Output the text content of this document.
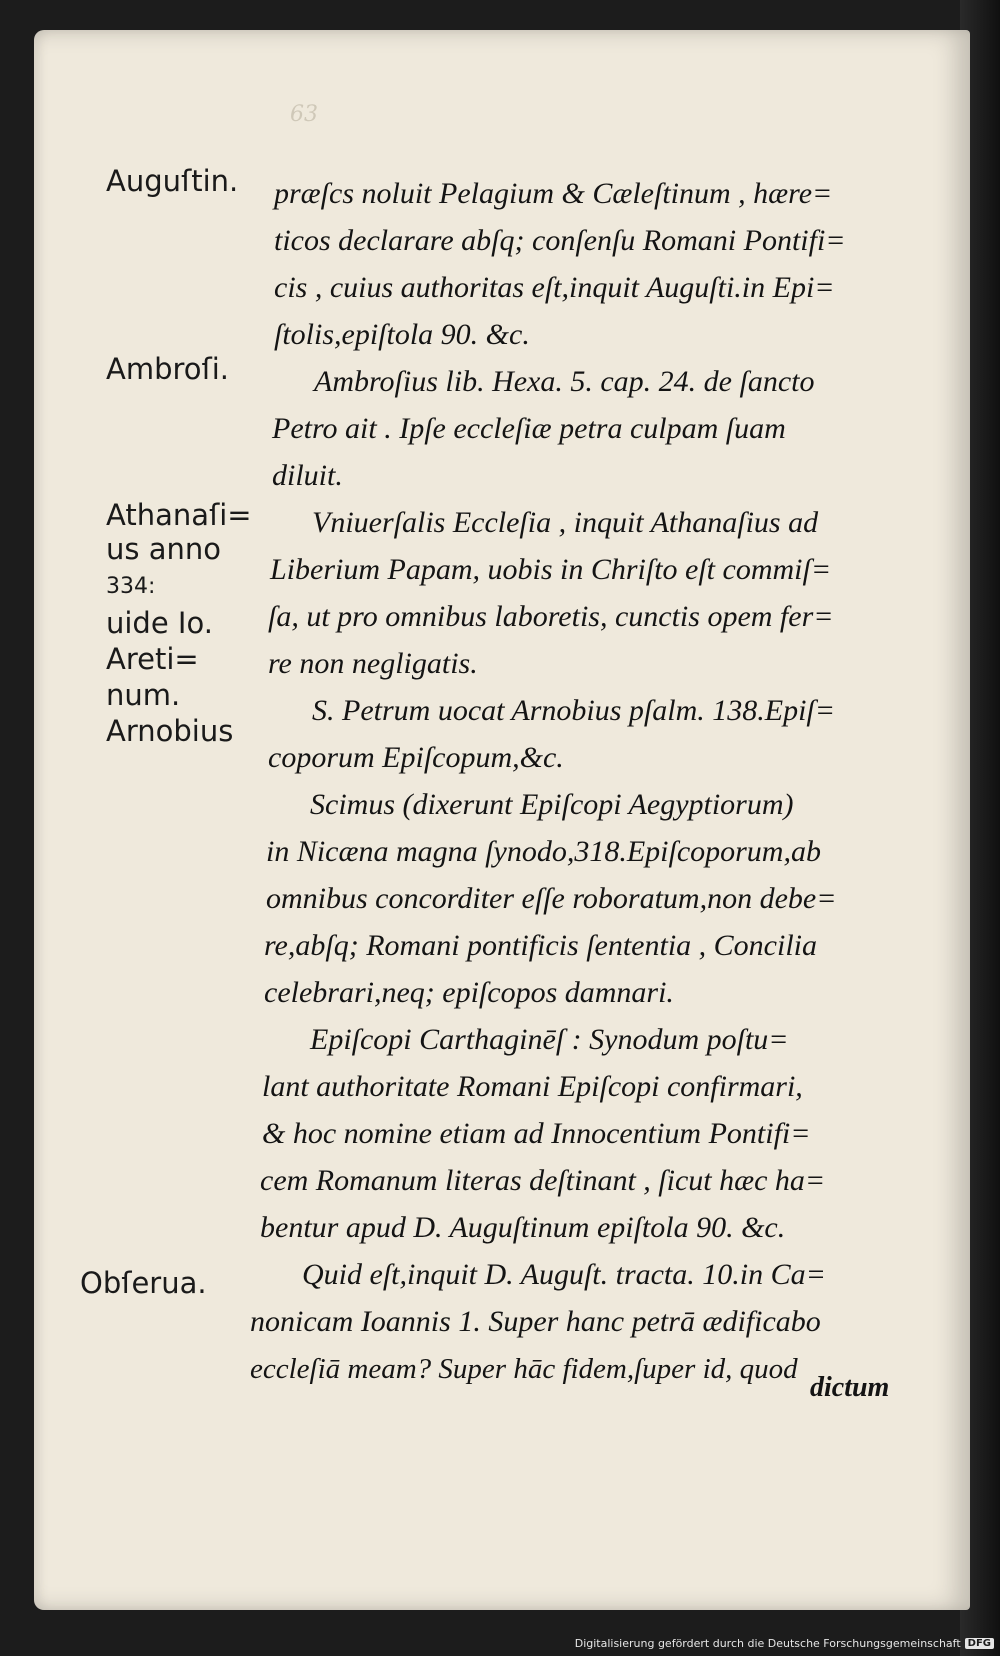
63
Auguſtin.
Ambroſi.
Athanaſi=
us anno
334:
uide Io.
Areti=
num.
Arnobius
Obſerua.
præſcs noluit Pelagium & Cæleſtinum , hære=
ticos declarare abſq; conſenſu Romani Pontifi=
cis , cuius authoritas eſt,inquit Auguſti.in Epi=
ſtolis,epiſtola 90. &c.
Ambroſius lib. Hexa. 5. cap. 24. de ſancto
Petro ait . Ipſe eccleſiæ petra culpam ſuam
diluit.
Vniuerſalis Eccleſia , inquit Athanaſius ad
Liberium Papam, uobis in Chriſto eſt commiſ=
ſa, ut pro omnibus laboretis, cunctis opem fer=
re non negligatis.
S. Petrum uocat Arnobius pſalm. 138.Epiſ=
coporum Epiſcopum,&c.
Scimus (dixerunt Epiſcopi Aegyptiorum)
in Nicæna magna ſynodo,318.Epiſcoporum,ab
omnibus concorditer eſſe roboratum,non debe=
re,abſq; Romani pontificis ſententia , Concilia
celebrari,neq; epiſcopos damnari.
Epiſcopi Carthaginēſ : Synodum poſtu=
lant authoritate Romani Epiſcopi confirmari,
& hoc nomine etiam ad Innocentium Pontifi=
cem Romanum literas deſtinant , ſicut hæc ha=
bentur apud D. Auguſtinum epiſtola 90. &c.
Quid eſt,inquit D. Auguſt. tracta. 10.in Ca=
nonicam Ioannis 1. Super hanc petrā ædificabo
eccleſiā meam? Super hāc fidem,ſuper id, quod
dictum
Digitalisierung gefördert durch die Deutsche Forschungsgemeinschaft DFG
